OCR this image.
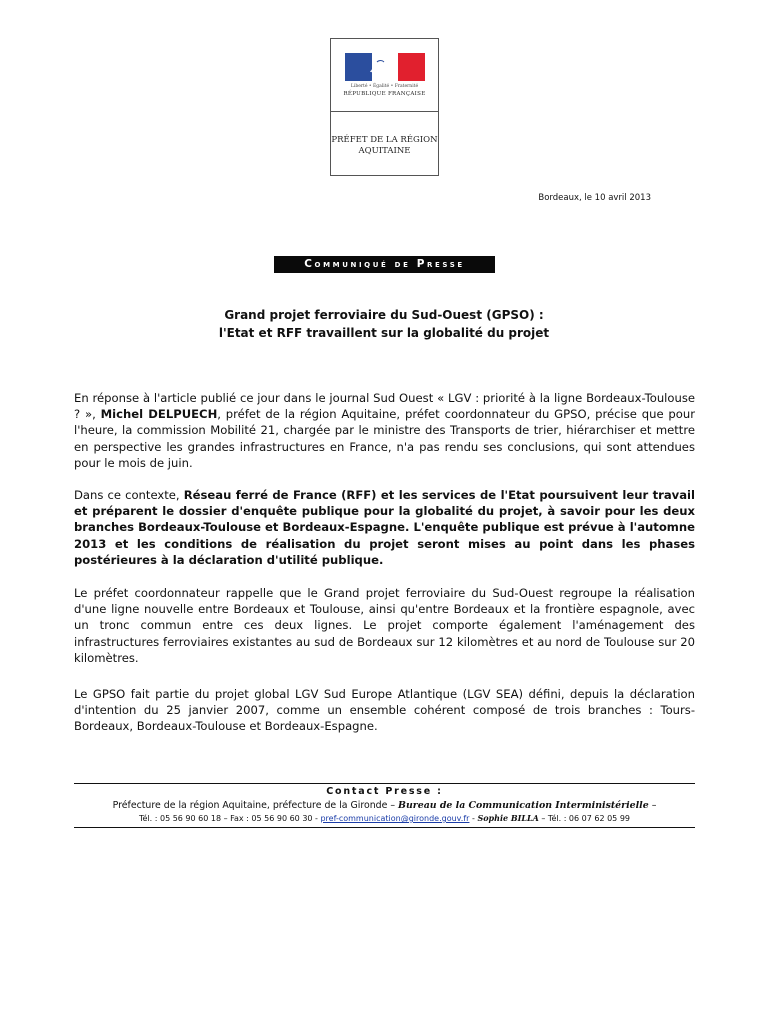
Liberté • Égalité • Fraternité
RÉPUBLIQUE FRANÇAISE
PRÉFET DE LA RÉGION
AQUITAINE
Bordeaux, le 10 avril 2013
Communiqué de Presse
Grand projet ferroviaire du Sud-Ouest (GPSO) :
l'Etat et RFF travaillent sur la globalité du projet

En réponse à l'article publié ce jour dans le journal Sud Ouest « LGV : priorité à la ligne Bordeaux-Toulouse ? », Michel DELPUECH, préfet de la région Aquitaine, préfet coordonnateur du GPSO, précise que pour l'heure, la commission Mobilité 21, chargée par le ministre des Transports de trier, hiérarchiser et mettre en perspective les grandes infrastructures en France, n'a pas rendu ses conclusions, qui sont attendues pour le mois de juin.

Dans ce contexte, Réseau ferré de France (RFF) et les services de l'Etat poursuivent leur travail et préparent le dossier d'enquête publique pour la globalité du projet, à savoir pour les deux branches Bordeaux-Toulouse et Bordeaux-Espagne. L'enquête publique est prévue à l'automne 2013 et les conditions de réalisation du projet seront mises au point dans les phases postérieures à la déclaration d'utilité publique.

Le préfet coordonnateur rappelle que le Grand projet ferroviaire du Sud-Ouest regroupe la réalisation d'une ligne nouvelle entre Bordeaux et Toulouse, ainsi qu'entre Bordeaux et la frontière espagnole, avec un tronc commun entre ces deux lignes. Le projet comporte également l'aménagement des infrastructures ferroviaires existantes au sud de Bordeaux sur 12 kilomètres et au nord de Toulouse sur 20 kilomètres.

Le GPSO fait partie du projet global LGV Sud Europe Atlantique (LGV SEA) défini, depuis la déclaration d'intention du 25 janvier 2007, comme un ensemble cohérent composé de trois branches : Tours-Bordeaux, Bordeaux-Toulouse et Bordeaux-Espagne.

Contact Presse :
Préfecture de la région Aquitaine, préfecture de la Gironde – Bureau de la Communication Interministérielle –
Tél. : 05 56 90 60 18 – Fax : 05 56 90 60 30 - pref-communication@gironde.gouv.fr - Sophie BILLA – Tél. : 06 07 62 05 99
